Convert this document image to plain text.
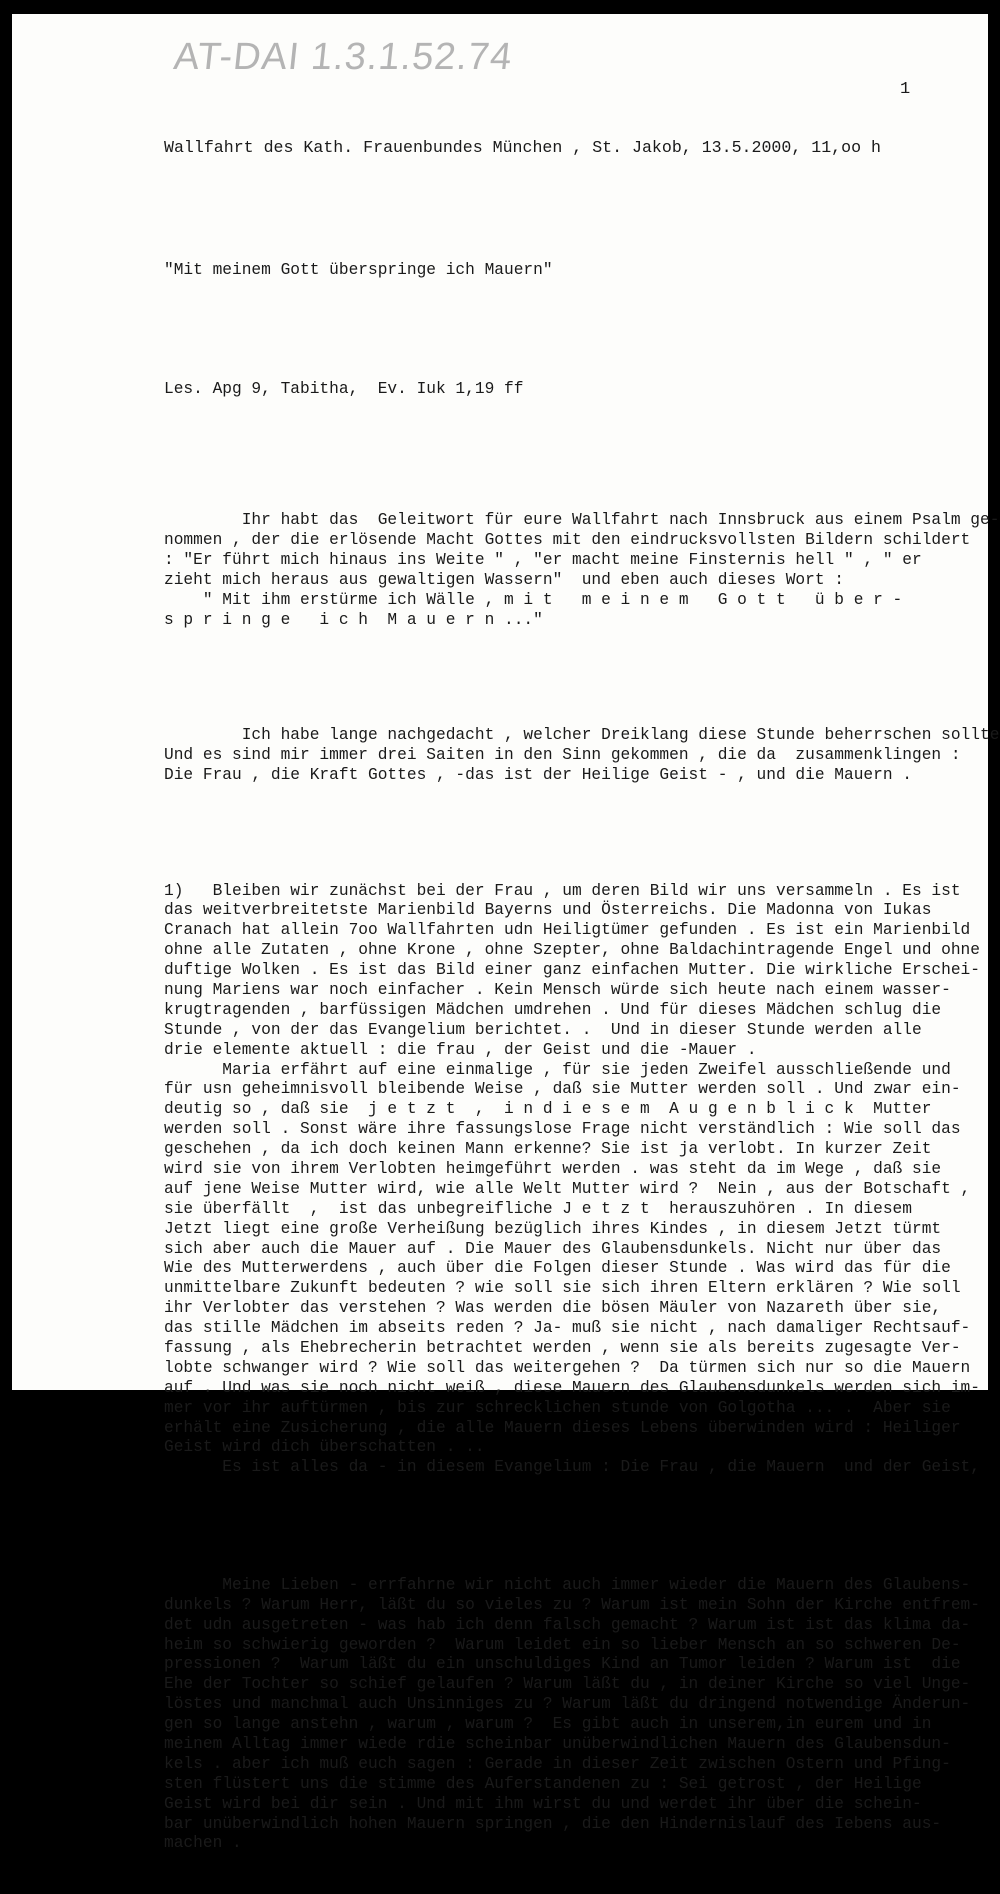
AT-DAI 1.3.1.52.74
1

Wallfahrt des Kath. Frauenbundes München , St. Jakob, 13.5.2000, 11,oo h

"Mit meinem Gott überspringe ich Mauern"

Les. Apg 9, Tabitha,  Ev. Iuk 1,19 ff

Ihr habt das  Geleitwort für eure Wallfahrt nach Innsbruck aus einem Psalm ge-
nommen , der die erlösende Macht Gottes mit den eindrucksvollsten Bildern schildert
: "Er führt mich hinaus ins Weite " , "er macht meine Finsternis hell " , " er
zieht mich heraus aus gewaltigen Wassern"  und eben auch dieses Wort :
" Mit ihm erstürme ich Wälle , m i t   m e i n e m   G o t t   ü b e r -
s p r i n g e   i c h  M a u e r n ..."

Ich habe lange nachgedacht , welcher Dreiklang diese Stunde beherrschen sollte
Und es sind mir immer drei Saiten in den Sinn gekommen , die da  zusammenklingen :
Die Frau , die Kraft Gottes , -das ist der Heilige Geist - , und die Mauern .

1)   Bleiben wir zunächst bei der Frau , um deren Bild wir uns versammeln . Es ist
das weitverbreitetste Marienbild Bayerns und Österreichs. Die Madonna von Iukas
Cranach hat allein 7oo Wallfahrten udn Heiligtümer gefunden . Es ist ein Marienbild
ohne alle Zutaten , ohne Krone , ohne Szepter, ohne Baldachintragende Engel und ohne
duftige Wolken . Es ist das Bild einer ganz einfachen Mutter. Die wirkliche Erschei-
nung Mariens war noch einfacher . Kein Mensch würde sich heute nach einem wasser-
krugtragenden , barfüssigen Mädchen umdrehen . Und für dieses Mädchen schlug die
Stunde , von der das Evangelium berichtet. .  Und in dieser Stunde werden alle
drie elemente aktuell : die frau , der Geist und die -Mauer .
Maria erfährt auf eine einmalige , für sie jeden Zweifel ausschließende und
für usn geheimnisvoll bleibende Weise , daß sie Mutter werden soll . Und zwar ein-
deutig so , daß sie  j e t z t  ,  i n d i e s e m  A u g e n b l i c k  Mutter
werden soll . Sonst wäre ihre fassungslose Frage nicht verständlich : Wie soll das
geschehen , da ich doch keinen Mann erkenne? Sie ist ja verlobt. In kurzer Zeit
wird sie von ihrem Verlobten heimgeführt werden . was steht da im Wege , daß sie
auf jene Weise Mutter wird, wie alle Welt Mutter wird ?  Nein , aus der Botschaft ,
sie überfällt  ,  ist das unbegreifliche J e t z t  herauszuhören . In diesem
Jetzt liegt eine große Verheißung bezüglich ihres Kindes , in diesem Jetzt türmt
sich aber auch die Mauer auf . Die Mauer des Glaubensdunkels. Nicht nur über das
Wie des Mutterwerdens , auch über die Folgen dieser Stunde . Was wird das für die
unmittelbare Zukunft bedeuten ? wie soll sie sich ihren Eltern erklären ? Wie soll
ihr Verlobter das verstehen ? Was werden die bösen Mäuler von Nazareth über sie,
das stille Mädchen im abseits reden ? Ja- muß sie nicht , nach damaliger Rechtsauf-
fassung , als Ehebrecherin betrachtet werden , wenn sie als bereits zugesagte Ver-
lobte schwanger wird ? Wie soll das weitergehen ?  Da türmen sich nur so die Mauern
auf . Und was sie noch nicht weiß , diese Mauern des Glaubensdunkels werden sich im-
mer vor ihr auftürmen , bis zur schrecklichen stunde von Golgotha ... .  Aber sie
erhält eine Zusicherung , die alle Mauern dieses Lebens überwinden wird : Heiliger
Geist wird dich überschatten . ..
Es ist alles da - in diesem Evangelium : Die Frau , die Mauern  und der Geist,

Meine Lieben - errfahrne wir nicht auch immer wieder die Mauern des Glaubens-
dunkels ? Warum Herr, läßt du so vieles zu ? Warum ist mein Sohn der Kirche entfrem-
det udn ausgetreten - was hab ich denn falsch gemacht ? Warum ist ist das klima da-
heim so schwierig geworden ?  Warum leidet ein so lieber Mensch an so schweren De-
pressionen ?  Warum läßt du ein unschuldiges Kind an Tumor leiden ? Warum ist  die
Ehe der Tochter so schief gelaufen ? Warum läßt du , in deiner Kirche so viel Unge-
löstes und manchmal auch Unsinniges zu ? Warum läßt du dringend notwendige Änderun-
gen so lange anstehn , warum , warum ?  Es gibt auch in unserem,in eurem und in
meinem Alltag immer wiede rdie scheinbar unüberwindlichen Mauern des Glaubensdun-
kels . aber ich muß euch sagen : Gerade in dieser Zeit zwischen Ostern und Pfing-
sten flüstert uns die stimme des Auferstandenen zu : Sei getrost , der Heilige
Geist wird bei dir sein . Und mit ihm wirst du und werdet ihr über die schein-
bar unüberwindlich hohen Mauern springen , die den Hindernislauf des Iebens aus-
machen .
